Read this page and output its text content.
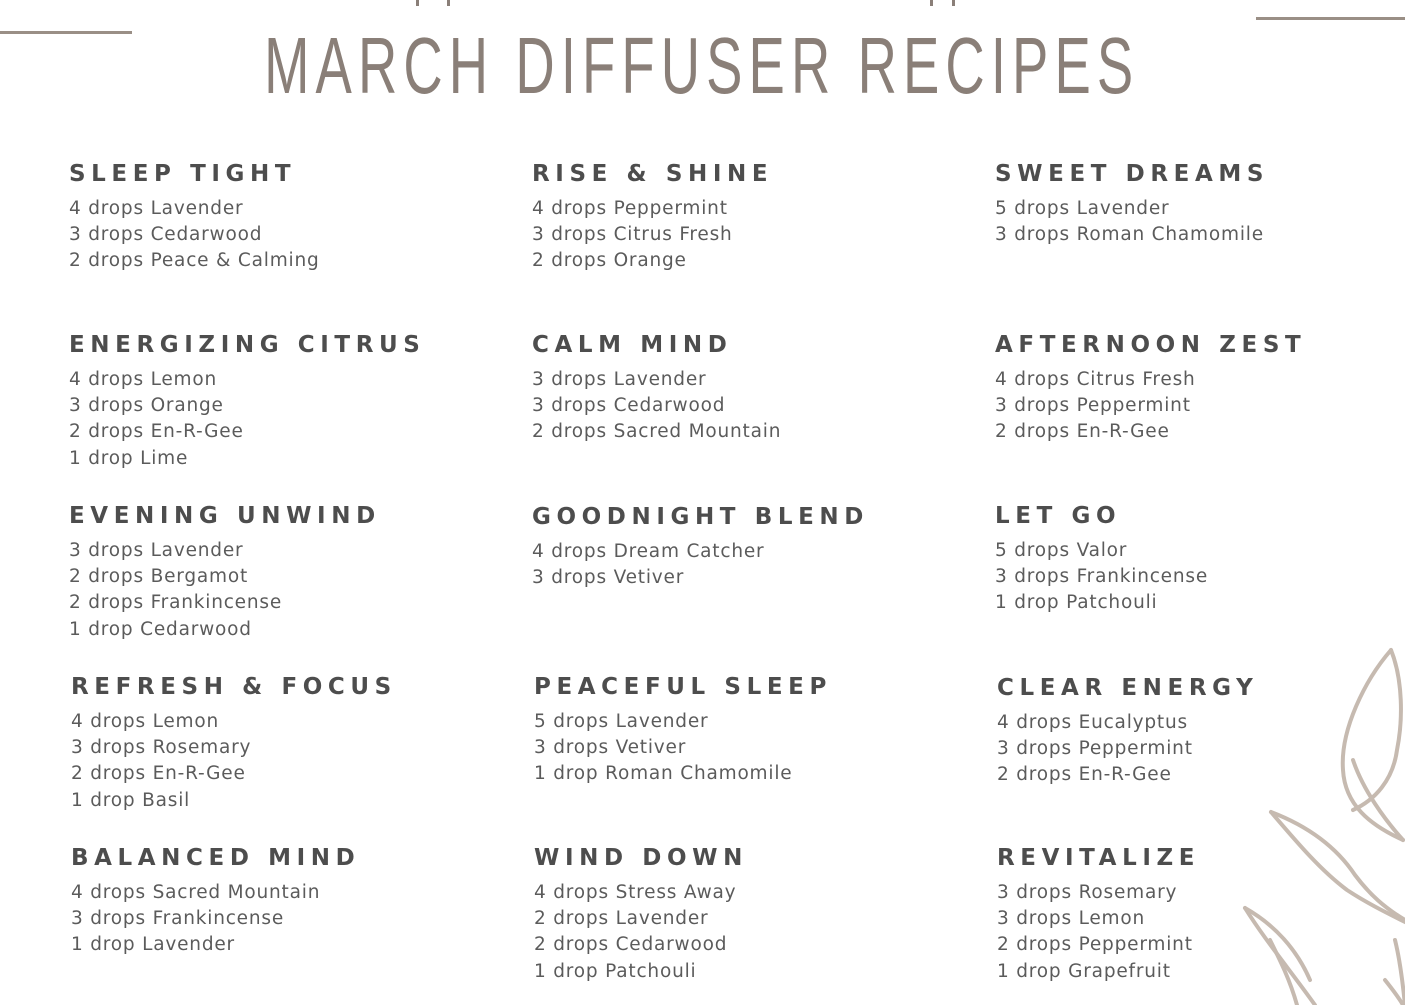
MARCH DIFFUSER RECIPES
SLEEP TIGHT
4 drops Lavender
3 drops Cedarwood
2 drops Peace & Calming
RISE & SHINE
4 drops Peppermint
3 drops Citrus Fresh
2 drops Orange
SWEET DREAMS
5 drops Lavender
3 drops Roman Chamomile
ENERGIZING CITRUS
4 drops Lemon
3 drops Orange
2 drops En-R-Gee
1 drop Lime
CALM MIND
3 drops Lavender
3 drops Cedarwood
2 drops Sacred Mountain
AFTERNOON ZEST
4 drops Citrus Fresh
3 drops Peppermint
2 drops En-R-Gee
EVENING UNWIND
3 drops Lavender
2 drops Bergamot
2 drops Frankincense
1 drop Cedarwood
GOODNIGHT BLEND
4 drops Dream Catcher
3 drops Vetiver
LET GO
5 drops Valor
3 drops Frankincense
1 drop Patchouli
REFRESH & FOCUS
4 drops Lemon
3 drops Rosemary
2 drops En-R-Gee
1 drop Basil
PEACEFUL SLEEP
5 drops Lavender
3 drops Vetiver
1 drop Roman Chamomile
CLEAR ENERGY
4 drops Eucalyptus
3 drops Peppermint
2 drops En-R-Gee
BALANCED MIND
4 drops Sacred Mountain
3 drops Frankincense
1 drop Lavender
WIND DOWN
4 drops Stress Away
2 drops Lavender
2 drops Cedarwood
1 drop Patchouli
REVITALIZE
3 drops Rosemary
3 drops Lemon
2 drops Peppermint
1 drop Grapefruit
